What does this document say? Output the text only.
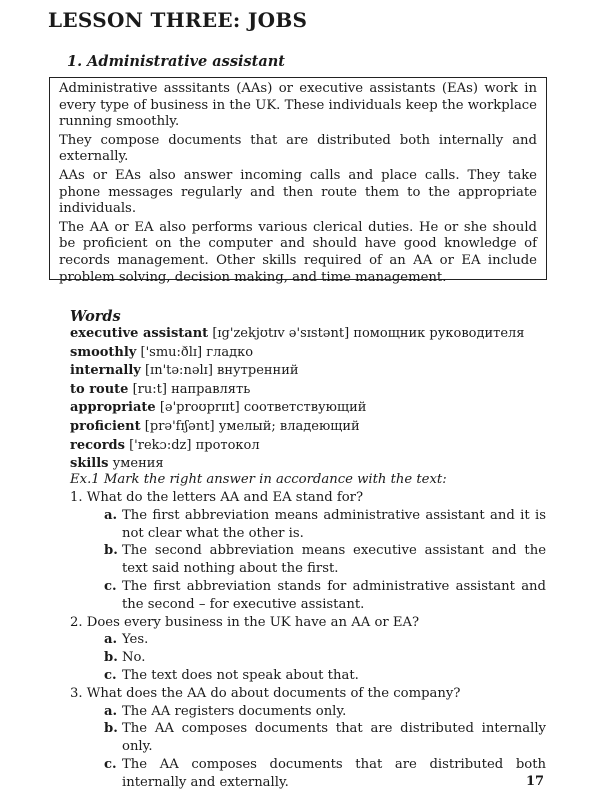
LESSON THREE: JOBS
1. Administrative assistant

Administrative asssitants (AAs) or executive assistants (EAs) work in every type of business in the UK. These individuals keep the workplace running smoothly.

They compose documents that are distributed both internally and externally.

AAs or EAs also answer incoming calls and place calls. They take phone messages regularly and then route them to the appropriate individuals.

The AA or EA also performs various clerical duties. He or she should be proficient on the computer and should have good knowledge of records management. Other skills required of an AA or EA include problem solving, decision making, and time management.

Words
executive assistant [ɪg'zekjʊtɪv ə'sɪstənt] помощник руководителя
smoothly ['smu:ðlɪ] гладко
internally [ɪn'tə:nəlɪ] внутренний
to route [ru:t] направлять
appropriate [ə'proʊprɪɪt] соответствующий
proficient [prə'fɪʃənt] умелый; владеющий
records ['rekɔ:dz] протокол
skills умения

Ex.1 Mark the right answer in accordance with the text:

1. What do the letters AA and EA stand for?

a. The first abbreviation means administrative assistant and it is not clear what the other is.
b. The second abbreviation means executive assistant and the text said nothing about the first.
c. The first abbreviation stands for administrative assistant and the second – for executive assistant.

2. Does every business in the UK have an AA or EA?

a. Yes.
b. No.
c. The text does not speak about that.

3. What does the AA do about documents of the company?

a. The AA registers documents only.
b. The AA composes documents that are distributed internally only.
c. The AA composes documents that are distributed both internally and externally.	17
